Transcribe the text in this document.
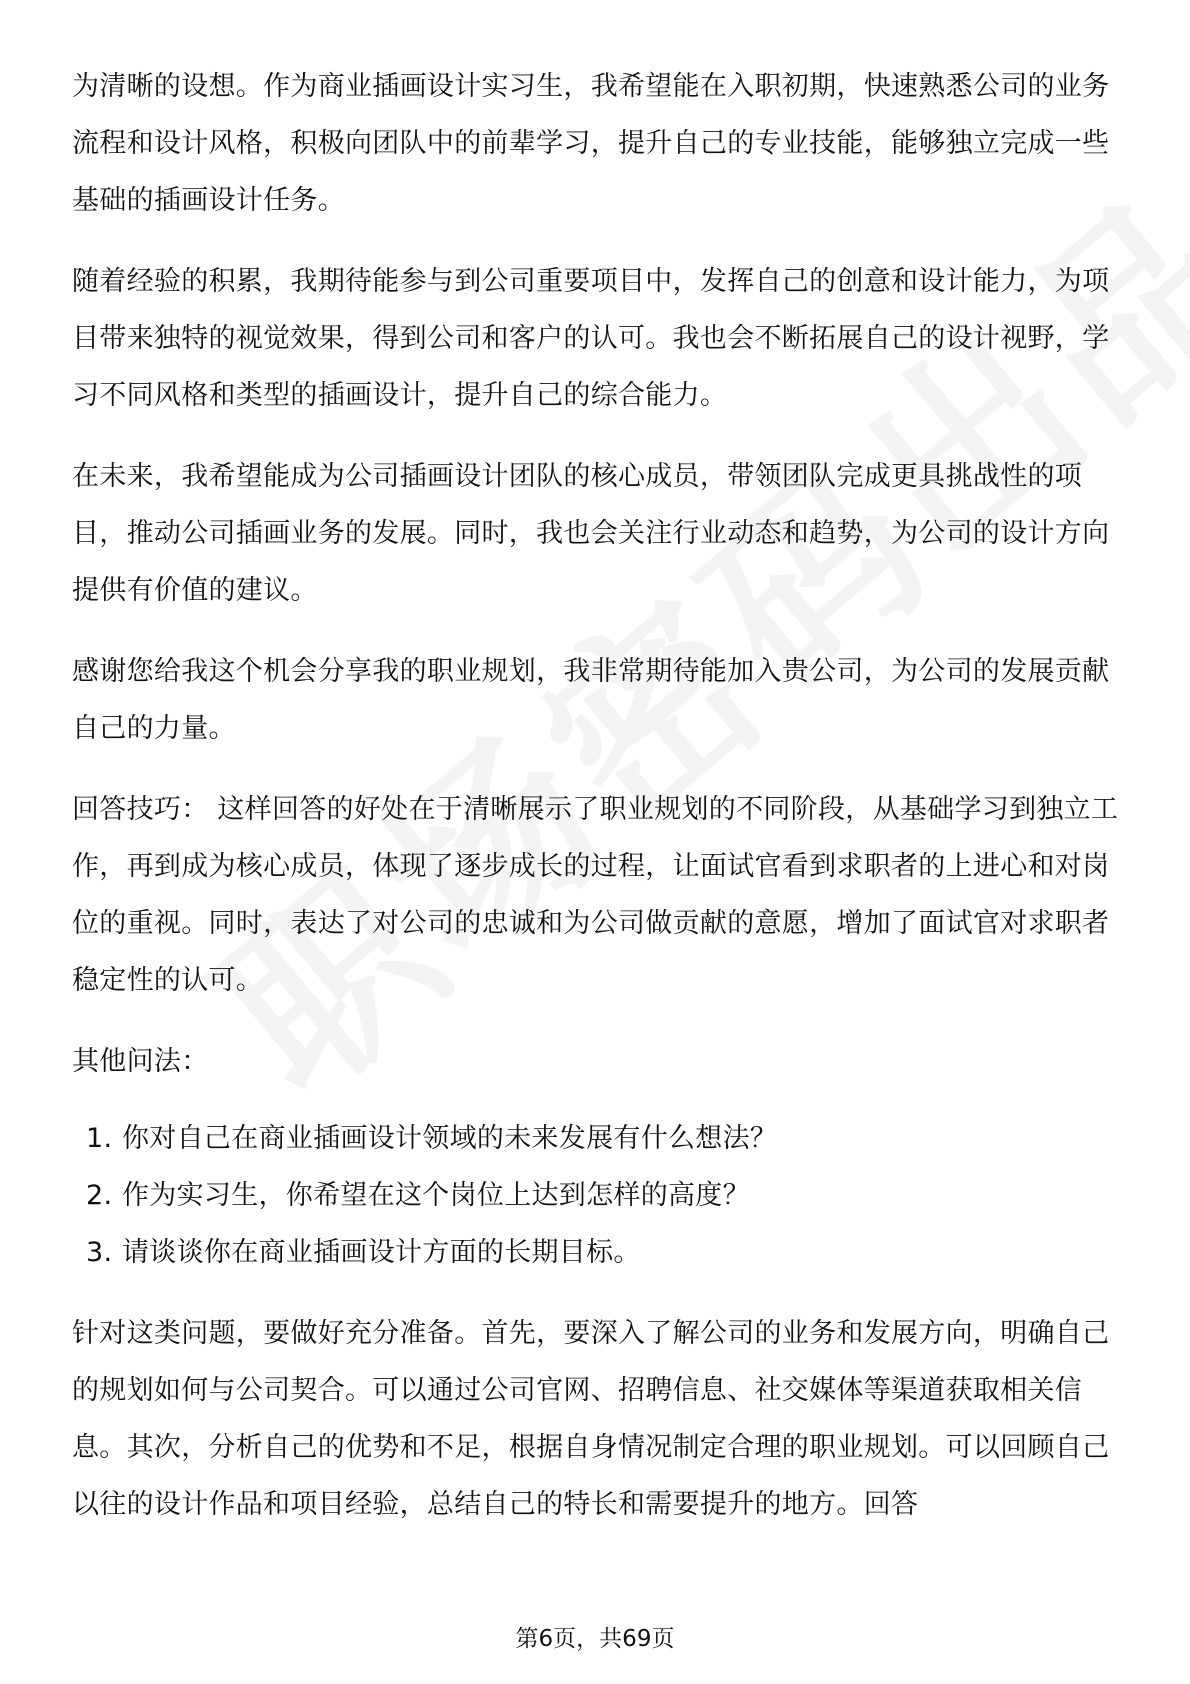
为清晰的设想。作为商业插画设计实习生，我希望能在入职初期，快速熟悉公司的业务流程和设计风格，积极向团队中的前辈学习，提升自己的专业技能，能够独立完成一些基础的插画设计任务。

随着经验的积累，我期待能参与到公司重要项目中，发挥自己的创意和设计能力，为项目带来独特的视觉效果，得到公司和客户的认可。我也会不断拓展自己的设计视野，学习不同风格和类型的插画设计，提升自己的综合能力。

在未来，我希望能成为公司插画设计团队的核心成员，带领团队完成更具挑战性的项目，推动公司插画业务的发展。同时，我也会关注行业动态和趋势，为公司的设计方向提供有价值的建议。

感谢您给我这个机会分享我的职业规划，我非常期待能加入贵公司，为公司的发展贡献自己的力量。

回答技巧： 这样回答的好处在于清晰展示了职业规划的不同阶段，从基础学习到独立工作，再到成为核心成员，体现了逐步成长的过程，让面试官看到求职者的上进心和对岗位的重视。同时，表达了对公司的忠诚和为公司做贡献的意愿，增加了面试官对求职者稳定性的认可。

其他问法：

1. 你对自己在商业插画设计领域的未来发展有什么想法？
2. 作为实习生，你希望在这个岗位上达到怎样的高度？
3. 请谈谈你在商业插画设计方面的长期目标。

针对这类问题，要做好充分准备。首先，要深入了解公司的业务和发展方向，明确自己的规划如何与公司契合。可以通过公司官网、招聘信息、社交媒体等渠道获取相关信息。其次，分析自己的优势和不足，根据自身情况制定合理的职业规划。可以回顾自己以往的设计作品和项目经验，总结自己的特长和需要提升的地方。回答

第6页，共69页
